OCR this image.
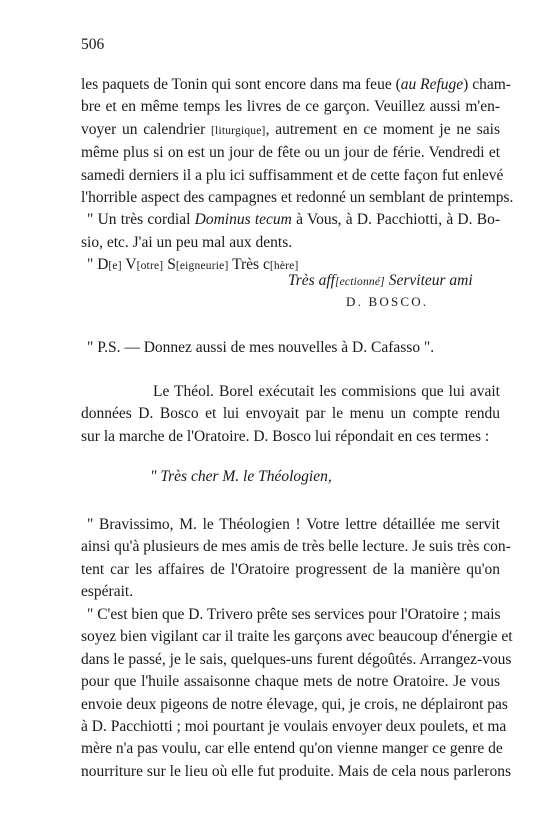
506
les paquets de Tonin qui sont encore dans ma feue (au Refuge) cham-
bre et en même temps les livres de ce garçon. Veuillez aussi m'en-
voyer un calendrier [liturgique], autrement en ce moment je ne sais
même plus si on est un jour de fête ou un jour de férie. Vendredi et
samedi derniers il a plu ici suffisamment et de cette façon fut enlevé
l'horrible aspect des campagnes et redonné un semblant de printemps.
" Un très cordial Dominus tecum à Vous, à D. Pacchiotti, à D. Bo-
sio, etc. J'ai un peu mal aux dents.
" D[e] V[otre] S[eigneurie] Très c[hère]
Très aff[ectionné] Serviteur ami
D. BOSCO.
" P.S. — Donnez aussi de mes nouvelles à D. Cafasso ".
Le Théol. Borel exécutait les commisions que lui avait
données D. Bosco et lui envoyait par le menu un compte rendu
sur la marche de l'Oratoire. D. Bosco lui répondait en ces termes :
" Très cher M. le Théologien,
" Bravissimo, M. le Théologien ! Votre lettre détaillée me servit
ainsi qu'à plusieurs de mes amis de très belle lecture. Je suis très con-
tent car les affaires de l'Oratoire progressent de la manière qu'on
espérait.
" C'est bien que D. Trivero prête ses services pour l'Oratoire ; mais
soyez bien vigilant car il traite les garçons avec beaucoup d'énergie et
dans le passé, je le sais, quelques-uns furent dégoûtés. Arrangez-vous
pour que l'huile assaisonne chaque mets de notre Oratoire. Je vous
envoie deux pigeons de notre élevage, qui, je crois, ne déplairont pas
à D. Pacchiotti ; moi pourtant je voulais envoyer deux poulets, et ma
mère n'a pas voulu, car elle entend qu'on vienne manger ce genre de
nourriture sur le lieu où elle fut produite. Mais de cela nous parlerons
